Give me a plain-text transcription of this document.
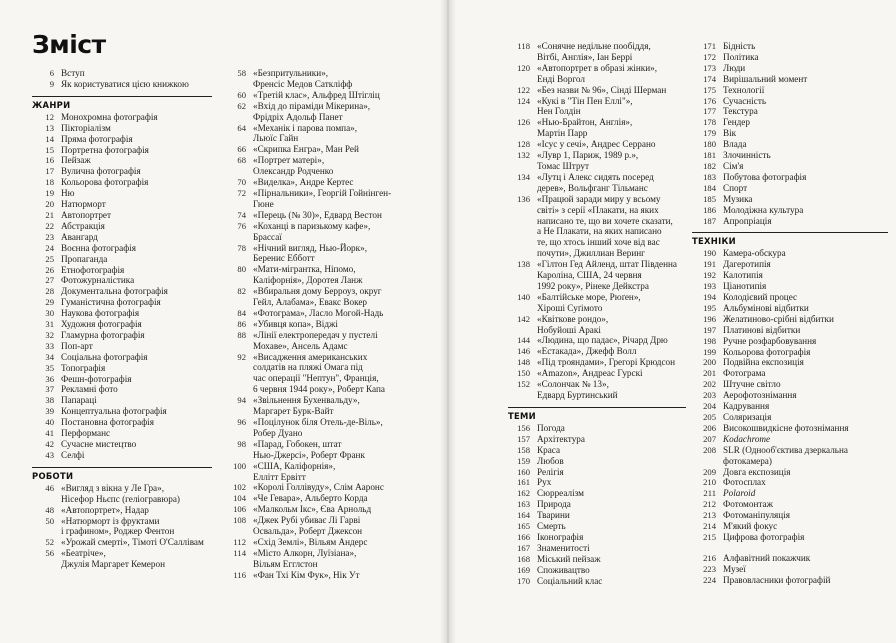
Зміст
6 Вступ
9 Як користуватися цією книжкою
ЖАНРИ
12 Монохромна фотографія
13 Пікторіалізм
14 Пряма фотографія
15 Портретна фотографія
16 Пейзаж
17 Вулична фотографія
18 Кольорова фотографія
19 Ню
20 Натюрморт
21 Автопортрет
22 Абстракція
23 Авангард
24 Воєнна фотографія
25 Пропаганда
26 Етнофотографія
27 Фотожурналістика
28 Документальна фотографія
29 Гуманістична фотографія
30 Наукова фотографія
31 Художня фотографія
32 Гламурна фотографія
33 Поп-арт
34 Соціальна фотографія
35 Топографія
36 Фешн-фотографія
37 Рекламні фото
38 Папараці
39 Концептуальна фотографія
40 Постановна фотографія
41 Перформанс
42 Сучасне мистецтво
43 Селфі
РОБОТИ
46 «Вигляд з вікна у Ле Гра»,
Нісефор Ньєпс (геліогравюра)
48 «Автопортрет», Надар
50 «Натюрморт із фруктами
і графином», Роджер Фентон
52 «Урожай смерті», Тімоті О'Саллівам
56 «Беатріче»,
Джулія Маргарет Кемерон
58 «Безпритульники»,
Френсіс Медов Саткліфф
60 «Третій клас», Альфред Штігліц
62 «Вхід до піраміди Мікерина»,
Фрідріх Адольф Панет
64 «Механік і парова помпа»,
Льюїс Гайн
66 «Скрипка Енгра», Ман Рей
68 «Портрет матері»,
Олександр Родченко
70 «Виделка», Андре Кертес
72 «Пірнальники», Георгій Гойнінген-
Гюне
74 «Перець (№ 30)», Едвард Вестон
76 «Коханці в паризькому кафе»,
Брассаї
78 «Нічний вигляд, Нью-Йорк»,
Беренис Ебботт
80 «Мати-мігрантка, Ніпомо,
Каліфорнія», Доротея Ланж
82 «Вбиральня дому Берроуз, округ
Гейл, Алабама», Евакс Вокер
84 «Фотограма», Ласло Могой-Надь
86 «Убивця копа», Віджі
88 «Лінії електропередач у пустелі
Мохаве», Ансель Адамс
92 «Висадження американських
солдатів на пляжі Омага під
час операції "Нептун", Франція,
6 червня 1944 року», Роберт Капа
94 «Звільнення Бухенвальду»,
Маргарет Бурк-Вайт
96 «Поцілунок біля Отель-де-Віль»,
Робер Дуано
98 «Парад, Гобокен, штат
Нью-Джерсі», Роберт Франк
100 «США, Каліфорнія»,
Еллітт Ервітт
102 «Королі Голлівуду», Слім Ааронс
104 «Че Гевара», Альберто Корда
106 «Малкольм Ікс», Єва Арнольд
108 «Джек Рубі убиває Лі Гарві
Освальда», Роберт Джексон
112 «Схід Землі», Вільям Андерс
114 «Місто Алкорн, Луїзіана»,
Вільям Егглстон
116 «Фан Тхі Кім Фук», Нік Ут
118 «Сонячне недільне пообіддя,
Вітбі, Англія», Іан Беррі
120 «Автопортрет в образі жінки»,
Енді Воргол
122 «Без назви № 96», Сінді Шерман
124 «Кукі в "Тін Пен Еллі"»,
Нен Голдін
126 «Нью-Брайтон, Англія»,
Мартін Парр
128 «Ісус у сечі», Андрес Серрано
132 «Лувр 1, Париж, 1989 р.»,
Томас Штрут
134 «Лутц і Алекс сидять посеред
дерев», Вольфганг Тільманс
136 «Працюй заради миру у всьому
світі» з серії «Плакати, на яких
написано те, що ви хочете сказати,
а Не Плакати, на яких написано
те, що хтось інший хоче від вас
почути», Джиллиан Веринг
138 «Гілтон Гед Айленд, штат Південна
Кароліна, США, 24 червня
1992 року», Рінеке Дейкстра
140 «Балтійське море, Рюґен»,
Хіроші Суґімото
142 «Квіткове рондо»,
Нобуйоші Аракі
144 «Людина, що падає», Річард Дрю
146 «Естакада», Джефф Волл
148 «Під трояндами», Грегорі Крюдсон
150 «Amazon», Андреас Гурскі
152 «Солончак № 13»,
Едвард Буртинський
ТЕМИ
156 Погода
157 Архітектура
158 Краса
159 Любов
160 Релігія
161 Рух
162 Сюрреалізм
163 Природа
164 Тварини
165 Смерть
166 Іконографія
167 Знаменитості
168 Міський пейзаж
169 Споживацтво
170 Соціальний клас
171 Бідність
172 Політика
173 Люди
174 Вирішальний момент
175 Технології
176 Сучасність
177 Текстура
178 Гендер
179 Вік
180 Влада
181 Злочинність
182 Сім'я
183 Побутова фотографія
184 Спорт
185 Музика
186 Молодіжна культура
187 Апропріація
ТЕХНІКИ
190 Камера-обскура
191 Дагеротипія
192 Калотипія
193 Ціанотипія
194 Колодієвий процес
195 Альбумінові відбитки
196 Желатиново-срібні відбитки
197 Платинові відбитки
198 Ручне розфарбовування
199 Кольорова фотографія
200 Подвійна експозиція
201 Фотограма
202 Штучне світло
203 Аерофотознімання
204 Кадрування
205 Соляризація
206 Високошвидкісне фотознімання
207 Kodachrome
208 SLR (Однооб'єктива дзеркальна
фотокамера)
209 Довга експозиція
210 Фотосплах
211 Polaroid
212 Фотомонтаж
213 Фотоманіпуляція
214 М'який фокус
215 Цифрова фотографія
216 Алфавітний покажчик
223 Музеї
224 Правовласники фотографій
